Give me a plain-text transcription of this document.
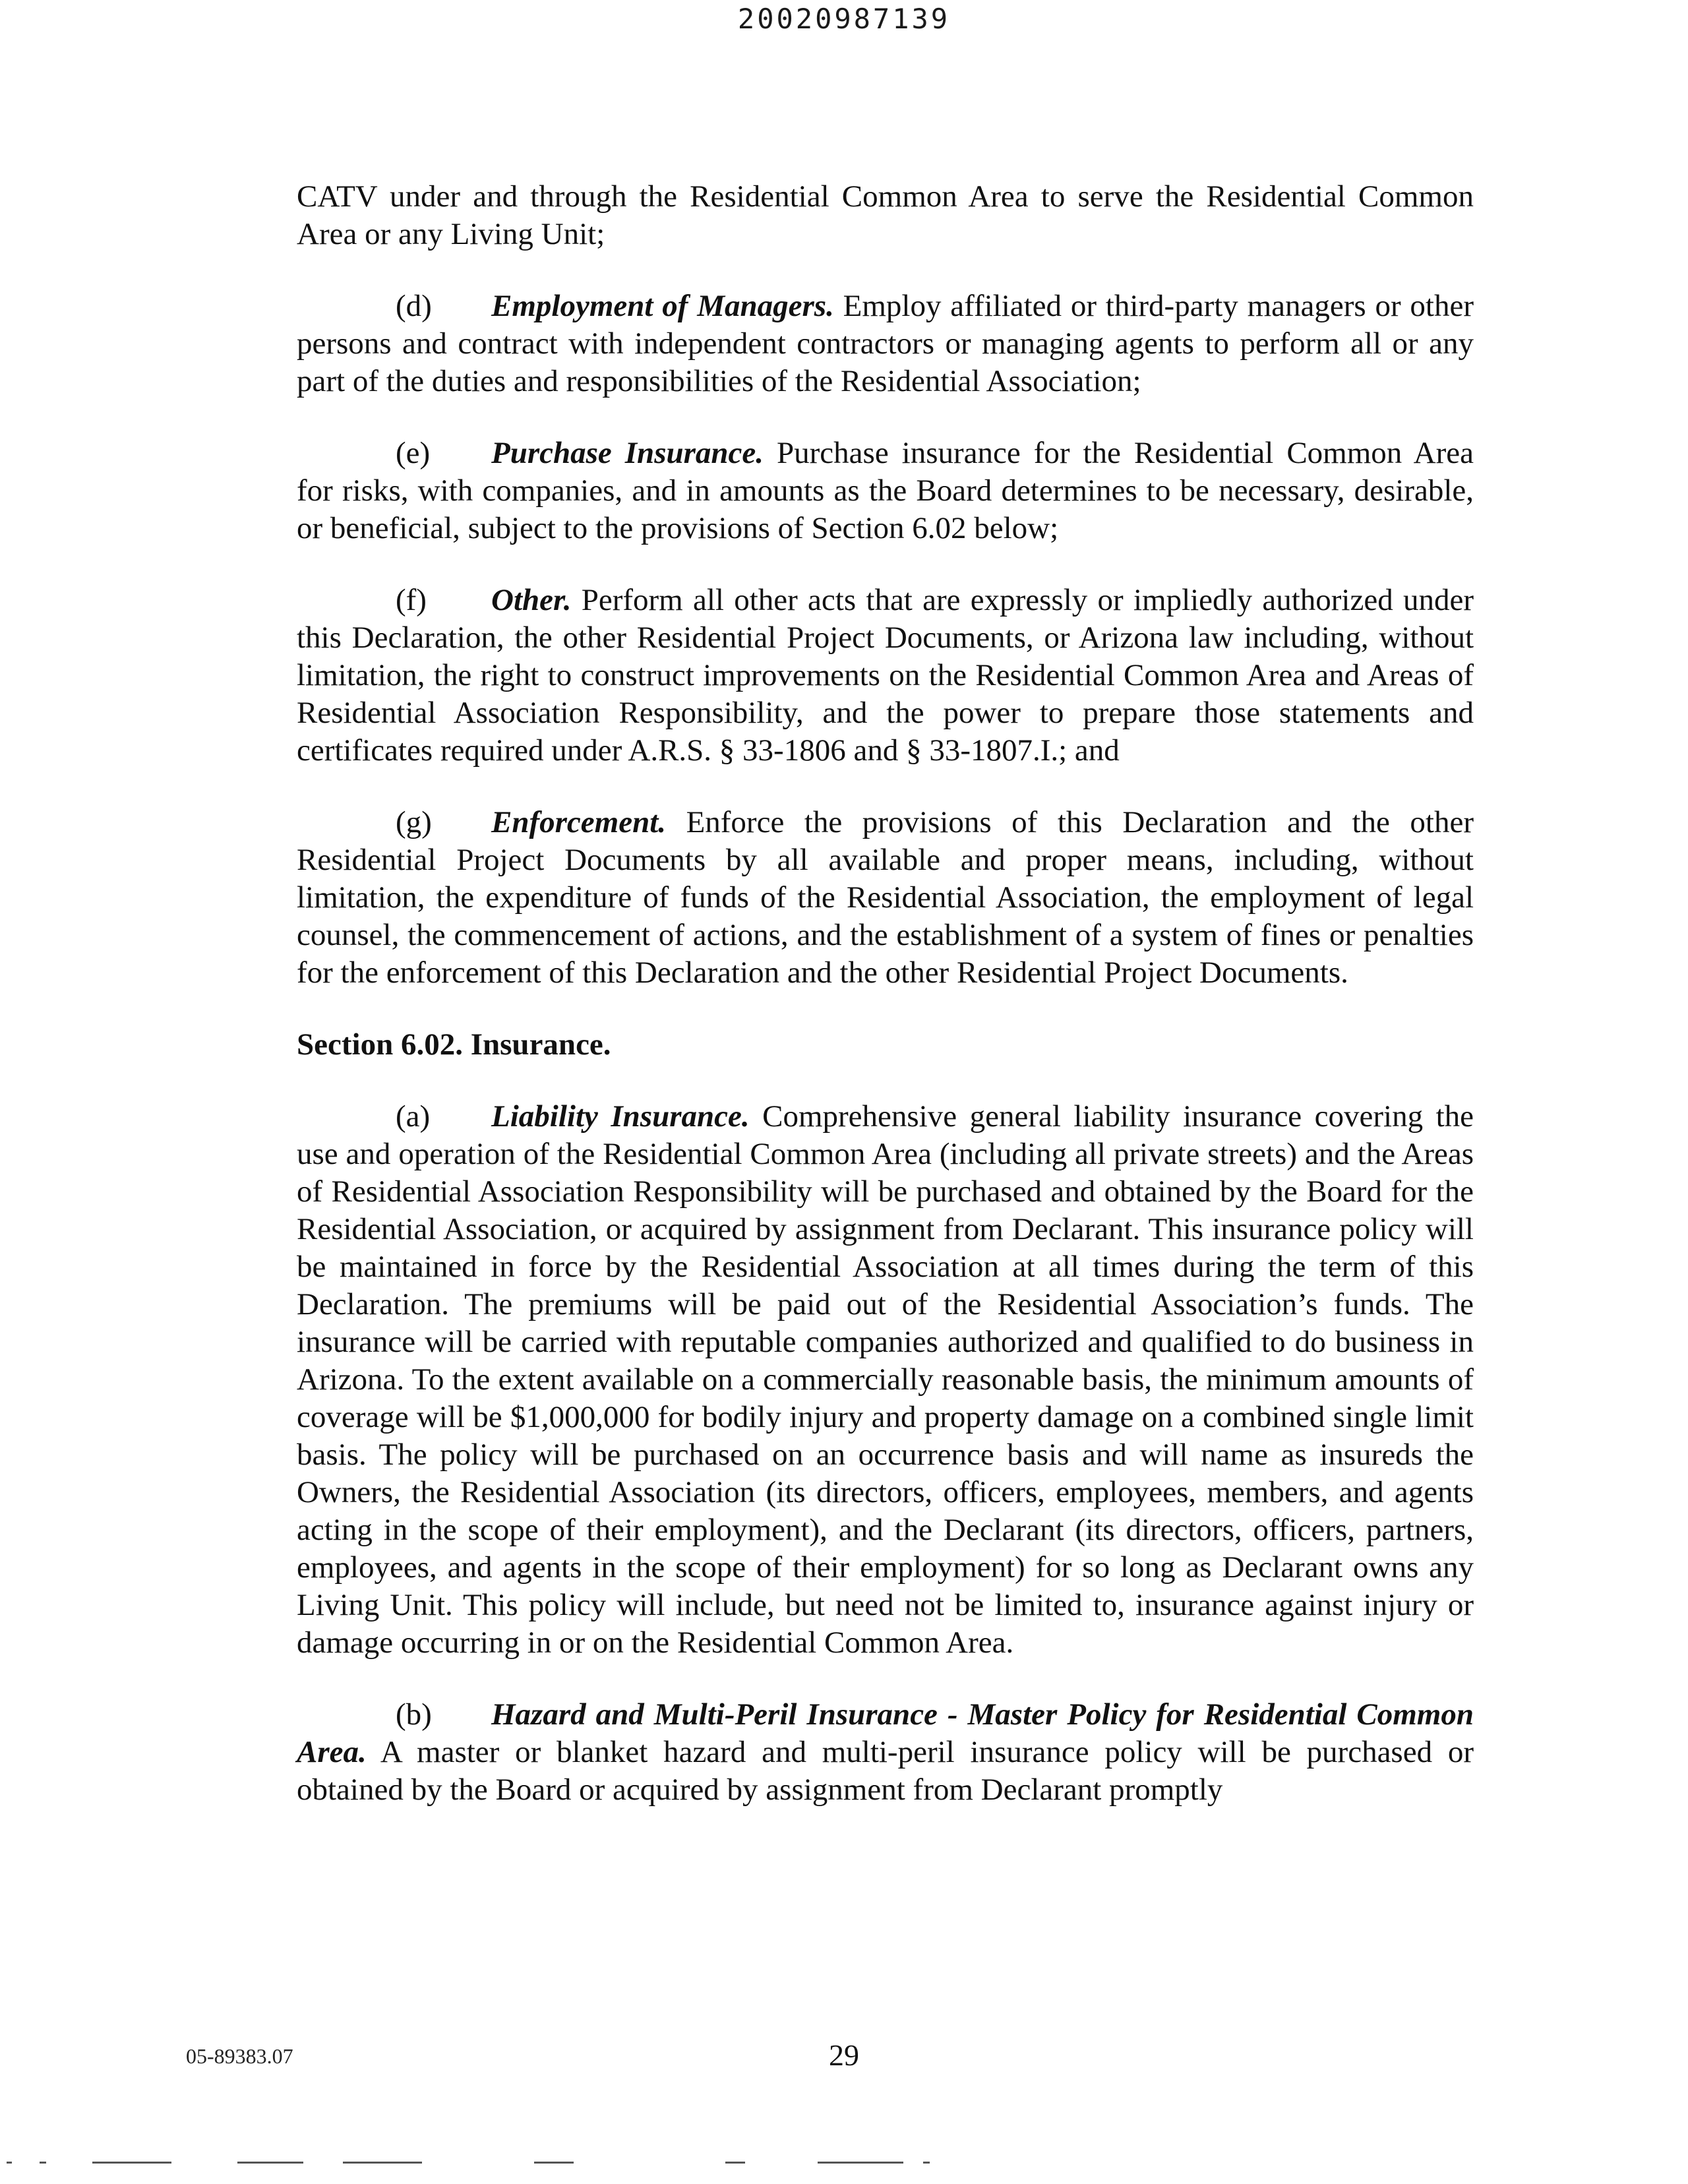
20020987139

CATV under and through the Residential Common Area to serve the Residential Common Area or any Living Unit;

(d) Employment of Managers. Employ affiliated or third-party managers or other persons and contract with independent contractors or managing agents to perform all or any part of the duties and responsibilities of the Residential Association;

(e) Purchase Insurance. Purchase insurance for the Residential Common Area for risks, with companies, and in amounts as the Board determines to be necessary, desirable, or beneficial, subject to the provisions of Section 6.02 below;

(f) Other. Perform all other acts that are expressly or impliedly authorized under this Declaration, the other Residential Project Documents, or Arizona law including, without limitation, the right to construct improvements on the Residential Common Area and Areas of Residential Association Responsibility, and the power to prepare those statements and certificates required under A.R.S. § 33-1806 and § 33-1807.I.; and

(g) Enforcement. Enforce the provisions of this Declaration and the other Residential Project Documents by all available and proper means, including, without limitation, the expenditure of funds of the Residential Association, the employment of legal counsel, the commencement of actions, and the establishment of a system of fines or penalties for the enforcement of this Declaration and the other Residential Project Documents.

Section 6.02. Insurance.

(a) Liability Insurance. Comprehensive general liability insurance covering the use and operation of the Residential Common Area (including all private streets) and the Areas of Residential Association Responsibility will be purchased and obtained by the Board for the Residential Association, or acquired by assignment from Declarant. This insurance policy will be maintained in force by the Residential Association at all times during the term of this Declaration. The premiums will be paid out of the Residential Association’s funds. The insurance will be carried with reputable companies authorized and qualified to do business in Arizona. To the extent available on a commercially reasonable basis, the minimum amounts of coverage will be $1,000,000 for bodily injury and property damage on a combined single limit basis. The policy will be purchased on an occurrence basis and will name as insureds the Owners, the Residential Association (its directors, officers, employees, members, and agents acting in the scope of their employment), and the Declarant (its directors, officers, partners, employees, and agents in the scope of their employment) for so long as Declarant owns any Living Unit. This policy will include, but need not be limited to, insurance against injury or damage occurring in or on the Residential Common Area.

(b) Hazard and Multi-Peril Insurance - Master Policy for Residential Common Area. A master or blanket hazard and multi-peril insurance policy will be purchased or obtained by the Board or acquired by assignment from Declarant promptly

05-89383.07	29
